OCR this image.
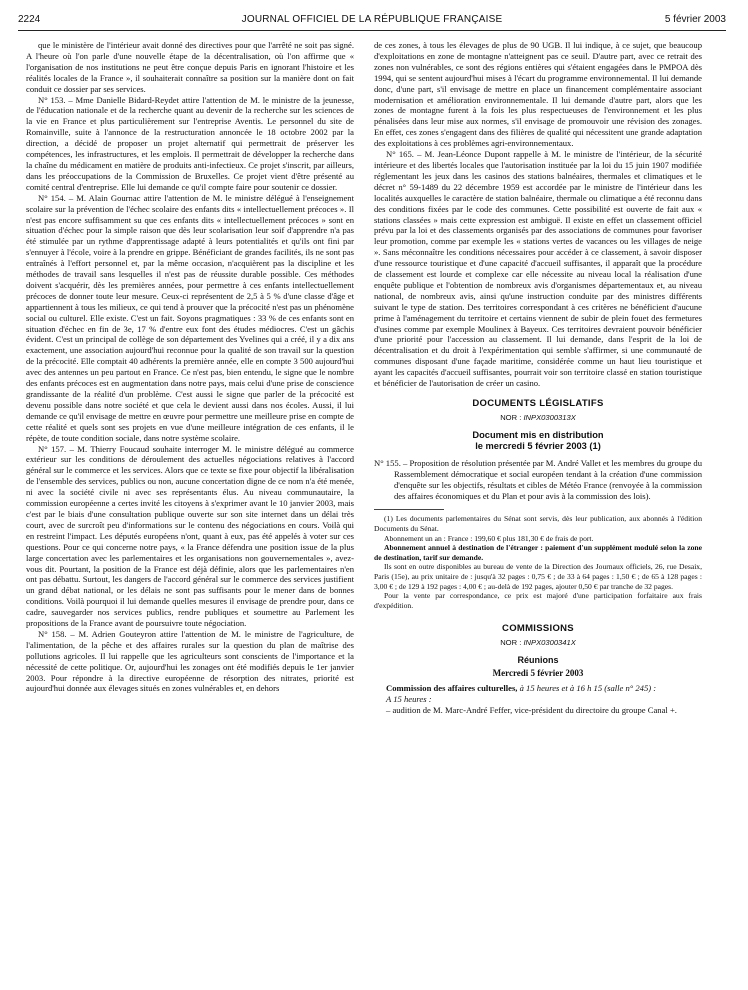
2224	JOURNAL OFFICIEL DE LA RÉPUBLIQUE FRANÇAISE	5 février 2003

que le ministère de l'intérieur avait donné des directives pour que l'arrêté ne soit pas signé. A l'heure où l'on parle d'une nouvelle étape de la décentralisation, où l'on affirme que « l'organisation de nos institutions ne peut être conçue depuis Paris en ignorant l'histoire et les réalités locales de la France », il souhaiterait connaître sa position sur la manière dont on fait conduit ce dossier par ses services.

N° 153. – Mme Danielle Bidard-Reydet attire l'attention de M. le ministre de la jeunesse, de l'éducation nationale et de la recherche quant au devenir de la recherche sur les sciences de la vie en France et plus particulièrement sur l'entreprise Aventis. Le personnel du site de Romainville, suite à l'annonce de la restructuration annoncée le 18 octobre 2002 par la direction, a décidé de proposer un projet alternatif qui permettrait de préserver les compétences, les infrastructures, et les emplois. Il permettrait de développer la recherche dans la chaîne du médicament en matière de produits anti-infectieux. Ce projet s'inscrit, par ailleurs, dans les préoccupations de la Commission de Bruxelles. Ce projet vient d'être présenté au comité central d'entreprise. Elle lui demande ce qu'il compte faire pour soutenir ce dossier.

N° 154. – M. Alain Gournac attire l'attention de M. le ministre délégué à l'enseignement scolaire sur la prévention de l'échec scolaire des enfants dits « intellectuellement précoces ». Il n'est pas encore suffisamment su que ces enfants dits « intellectuellement précoces » sont en situation d'échec pour la simple raison que dès leur scolarisation leur soif d'apprendre n'a pas été stimulée par un rythme d'apprentissage adapté à leurs potentialités et qu'ils ont fini par s'ennuyer à l'école, voire à la prendre en grippe. Bénéficiant de grandes facilités, ils ne sont pas entraînés à l'effort personnel et, par la même occasion, n'acquièrent pas la discipline et les méthodes de travail sans lesquelles il n'est pas de réussite durable possible. Ces méthodes doivent s'acquérir, dès les premières années, pour permettre à ces enfants intellectuellement précoces de donner toute leur mesure. Ceux-ci représentent de 2,5 à 5 % d'une classe d'âge et appartiennent à tous les milieux, ce qui tend à prouver que la précocité n'est pas un phénomène social ou culturel. Elle existe. C'est un fait. Soyons pragmatiques : 33 % de ces enfants sont en situation d'échec en fin de 3e, 17 % d'entre eux font des études médiocres. C'est un gâchis évident. C'est un principal de collège de son département des Yvelines qui a créé, il y a dix ans exactement, une association aujourd'hui reconnue pour la qualité de son travail sur la question de la précocité. Elle comptait 40 adhérents la première année, elle en compte 3 500 aujourd'hui avec des antennes un peu partout en France. Ce n'est pas, bien entendu, le signe que le nombre des enfants précoces est en augmentation dans notre pays, mais celui d'une prise de conscience grandissante de la réalité d'un problème. C'est aussi le signe que parler de la précocité est devenu possible dans notre société et que cela le devient aussi dans nos écoles. Aussi, il lui demande ce qu'il envisage de mettre en œuvre pour permettre une meilleure prise en compte de cette réalité et quels sont ses projets en vue d'une meilleure intégration de ces enfants, il le répète, de toute condition sociale, dans notre système scolaire.

N° 157. – M. Thierry Foucaud souhaite interroger M. le ministre délégué au commerce extérieur sur les conditions de déroulement des actuelles négociations relatives à l'accord général sur le commerce et les services. Alors que ce texte se fixe pour objectif la libéralisation de l'ensemble des services, publics ou non, aucune concertation digne de ce nom n'a été menée, ni avec la société civile ni avec ses représentants élus. Au niveau communautaire, la commission européenne a certes invité les citoyens à s'exprimer avant le 10 janvier 2003, mais c'est par le biais d'une consultation publique ouverte sur son site internet dans un délai très court, avec de surcroît peu d'informations sur le contenu des négociations en cours. Voilà qui en restreint l'impact. Les députés européens n'ont, quant à eux, pas été appelés à voter sur ces questions. Pour ce qui concerne notre pays, « la France défendra une position issue de la plus large concertation avec les parlementaires et les organisations non gouvernementales », avez-vous dit. Pourtant, la position de la France est déjà définie, alors que les parlementaires n'en ont pas débattu. Surtout, les dangers de l'accord général sur le commerce des services justifient un grand débat national, or les délais ne sont pas suffisants pour le mener dans de bonnes conditions. Voilà pourquoi il lui demande quelles mesures il envisage de prendre pour, dans ce cadre, sauvegarder nos services publics, rendre publiques et soumettre au Parlement les propositions de la France avant de poursuivre toute négociation.

N° 158. – M. Adrien Gouteyron attire l'attention de M. le ministre de l'agriculture, de l'alimentation, de la pêche et des affaires rurales sur la question du plan de maîtrise des pollutions agricoles. Il lui rappelle que les agriculteurs sont conscients de l'importance et la nécessité de cette politique. Or, aujourd'hui les zonages ont été modifiés depuis le 1er janvier 2003. Pour répondre à la directive européenne de résorption des nitrates, priorité est aujourd'hui donnée aux élevages situés en zones vulnérables et, en dehors

de ces zones, à tous les élevages de plus de 90 UGB. Il lui indique, à ce sujet, que beaucoup d'exploitations en zone de montagne n'atteignent pas ce seuil. D'autre part, avec ce retrait des zones non vulnérables, ce sont des régions entières qui s'étaient engagées dans le PMPOA dès 1994, qui se sentent aujourd'hui mises à l'écart du programme environnemental. Il lui demande donc, d'une part, s'il envisage de mettre en place un financement complémentaire associant modernisation et amélioration environnementale. Il lui demande d'autre part, alors que les zones de montagne furent à la fois les plus respectueuses de l'environnement et les plus pénalisées dans leur mise aux normes, s'il envisage de promouvoir une révision des zonages. En effet, ces zones s'engagent dans des filières de qualité qui nécessitent une grande adaptation des exploitations à ces problèmes agri-environnementaux.

N° 165. – M. Jean-Léonce Dupont rappelle à M. le ministre de l'intérieur, de la sécurité intérieure et des libertés locales que l'autorisation instituée par la loi du 15 juin 1907 modifiée réglementant les jeux dans les casinos des stations balnéaires, thermales et climatiques et le décret n° 59-1489 du 22 décembre 1959 est accordée par le ministre de l'intérieur dans les localités auxquelles le caractère de station balnéaire, thermale ou climatique a été reconnu dans des conditions fixées par le code des communes. Cette possibilité est ouverte de fait aux « stations classées » mais cette expression est ambiguë. Il existe en effet un classement officiel prévu par la loi et des classements organisés par des associations de communes pour favoriser leur promotion, comme par exemple les « stations vertes de vacances ou les villages de neige ». Sans méconnaître les conditions nécessaires pour accéder à ce classement, à savoir disposer d'une ressource touristique et d'une capacité d'accueil suffisantes, il apparaît que la procédure de classement est lourde et complexe car elle nécessite au niveau local la réalisation d'une enquête publique et l'obtention de nombreux avis d'organismes départementaux et, au niveau national, de nombreux avis, ainsi qu'une instruction conduite par des ministres différents suivant le type de station. Des territoires correspondant à ces critères ne bénéficient d'aucune prime à l'aménagement du territoire et certains viennent de subir de plein fouet des fermetures d'usines comme par exemple Moulinex à Bayeux. Ces territoires devraient pouvoir bénéficier d'une priorité pour l'accession au classement. Il lui demande, dans l'esprit de la loi de décentralisation et du droit à l'expérimentation qui semble s'affirmer, si une communauté de communes disposant d'une façade maritime, considérée comme un haut lieu touristique et ayant les capacités d'accueil suffisantes, pourrait voir son territoire classé en station touristique et bénéficier de l'autorisation de créer un casino.

DOCUMENTS LÉGISLATIFS
NOR : INPX0300313X
Document mis en distribution
le mercredi 5 février 2003 (1)

N° 155. – Proposition de résolution présentée par M. André Vallet et les membres du groupe du Rassemblement démocratique et social européen tendant à la création d'une commission d'enquête sur les objectifs, résultats et cibles de Météo France (renvoyée à la commission des affaires économiques et du Plan et pour avis à la commission des lois).

(1) Les documents parlementaires du Sénat sont servis, dès leur publication, aux abonnés à l'édition Documents du Sénat.

Abonnement un an : France : 199,60 € plus 181,30 € de frais de port.

Abonnement annuel à destination de l'étranger : paiement d'un supplément modulé selon la zone de destination, tarif sur demande.

Ils sont en outre disponibles au bureau de vente de la Direction des Journaux officiels, 26, rue Desaix, Paris (15e), au prix unitaire de : jusqu'à 32 pages : 0,75 € ; de 33 à 64 pages : 1,50 € ; de 65 à 128 pages : 3,00 € ; de 129 à 192 pages : 4,00 € ; au-delà de 192 pages, ajouter 0,50 € par tranche de 32 pages.

Pour la vente par correspondance, ce prix est majoré d'une participation forfaitaire aux frais d'expédition.

COMMISSIONS
NOR : INPX0300341X
Réunions
Mercredi 5 février 2003

Commission des affaires culturelles, à 15 heures et à 16 h 15 (salle n° 245) :

A 15 heures :

– audition de M. Marc-André Feffer, vice-président du directoire du groupe Canal +.
